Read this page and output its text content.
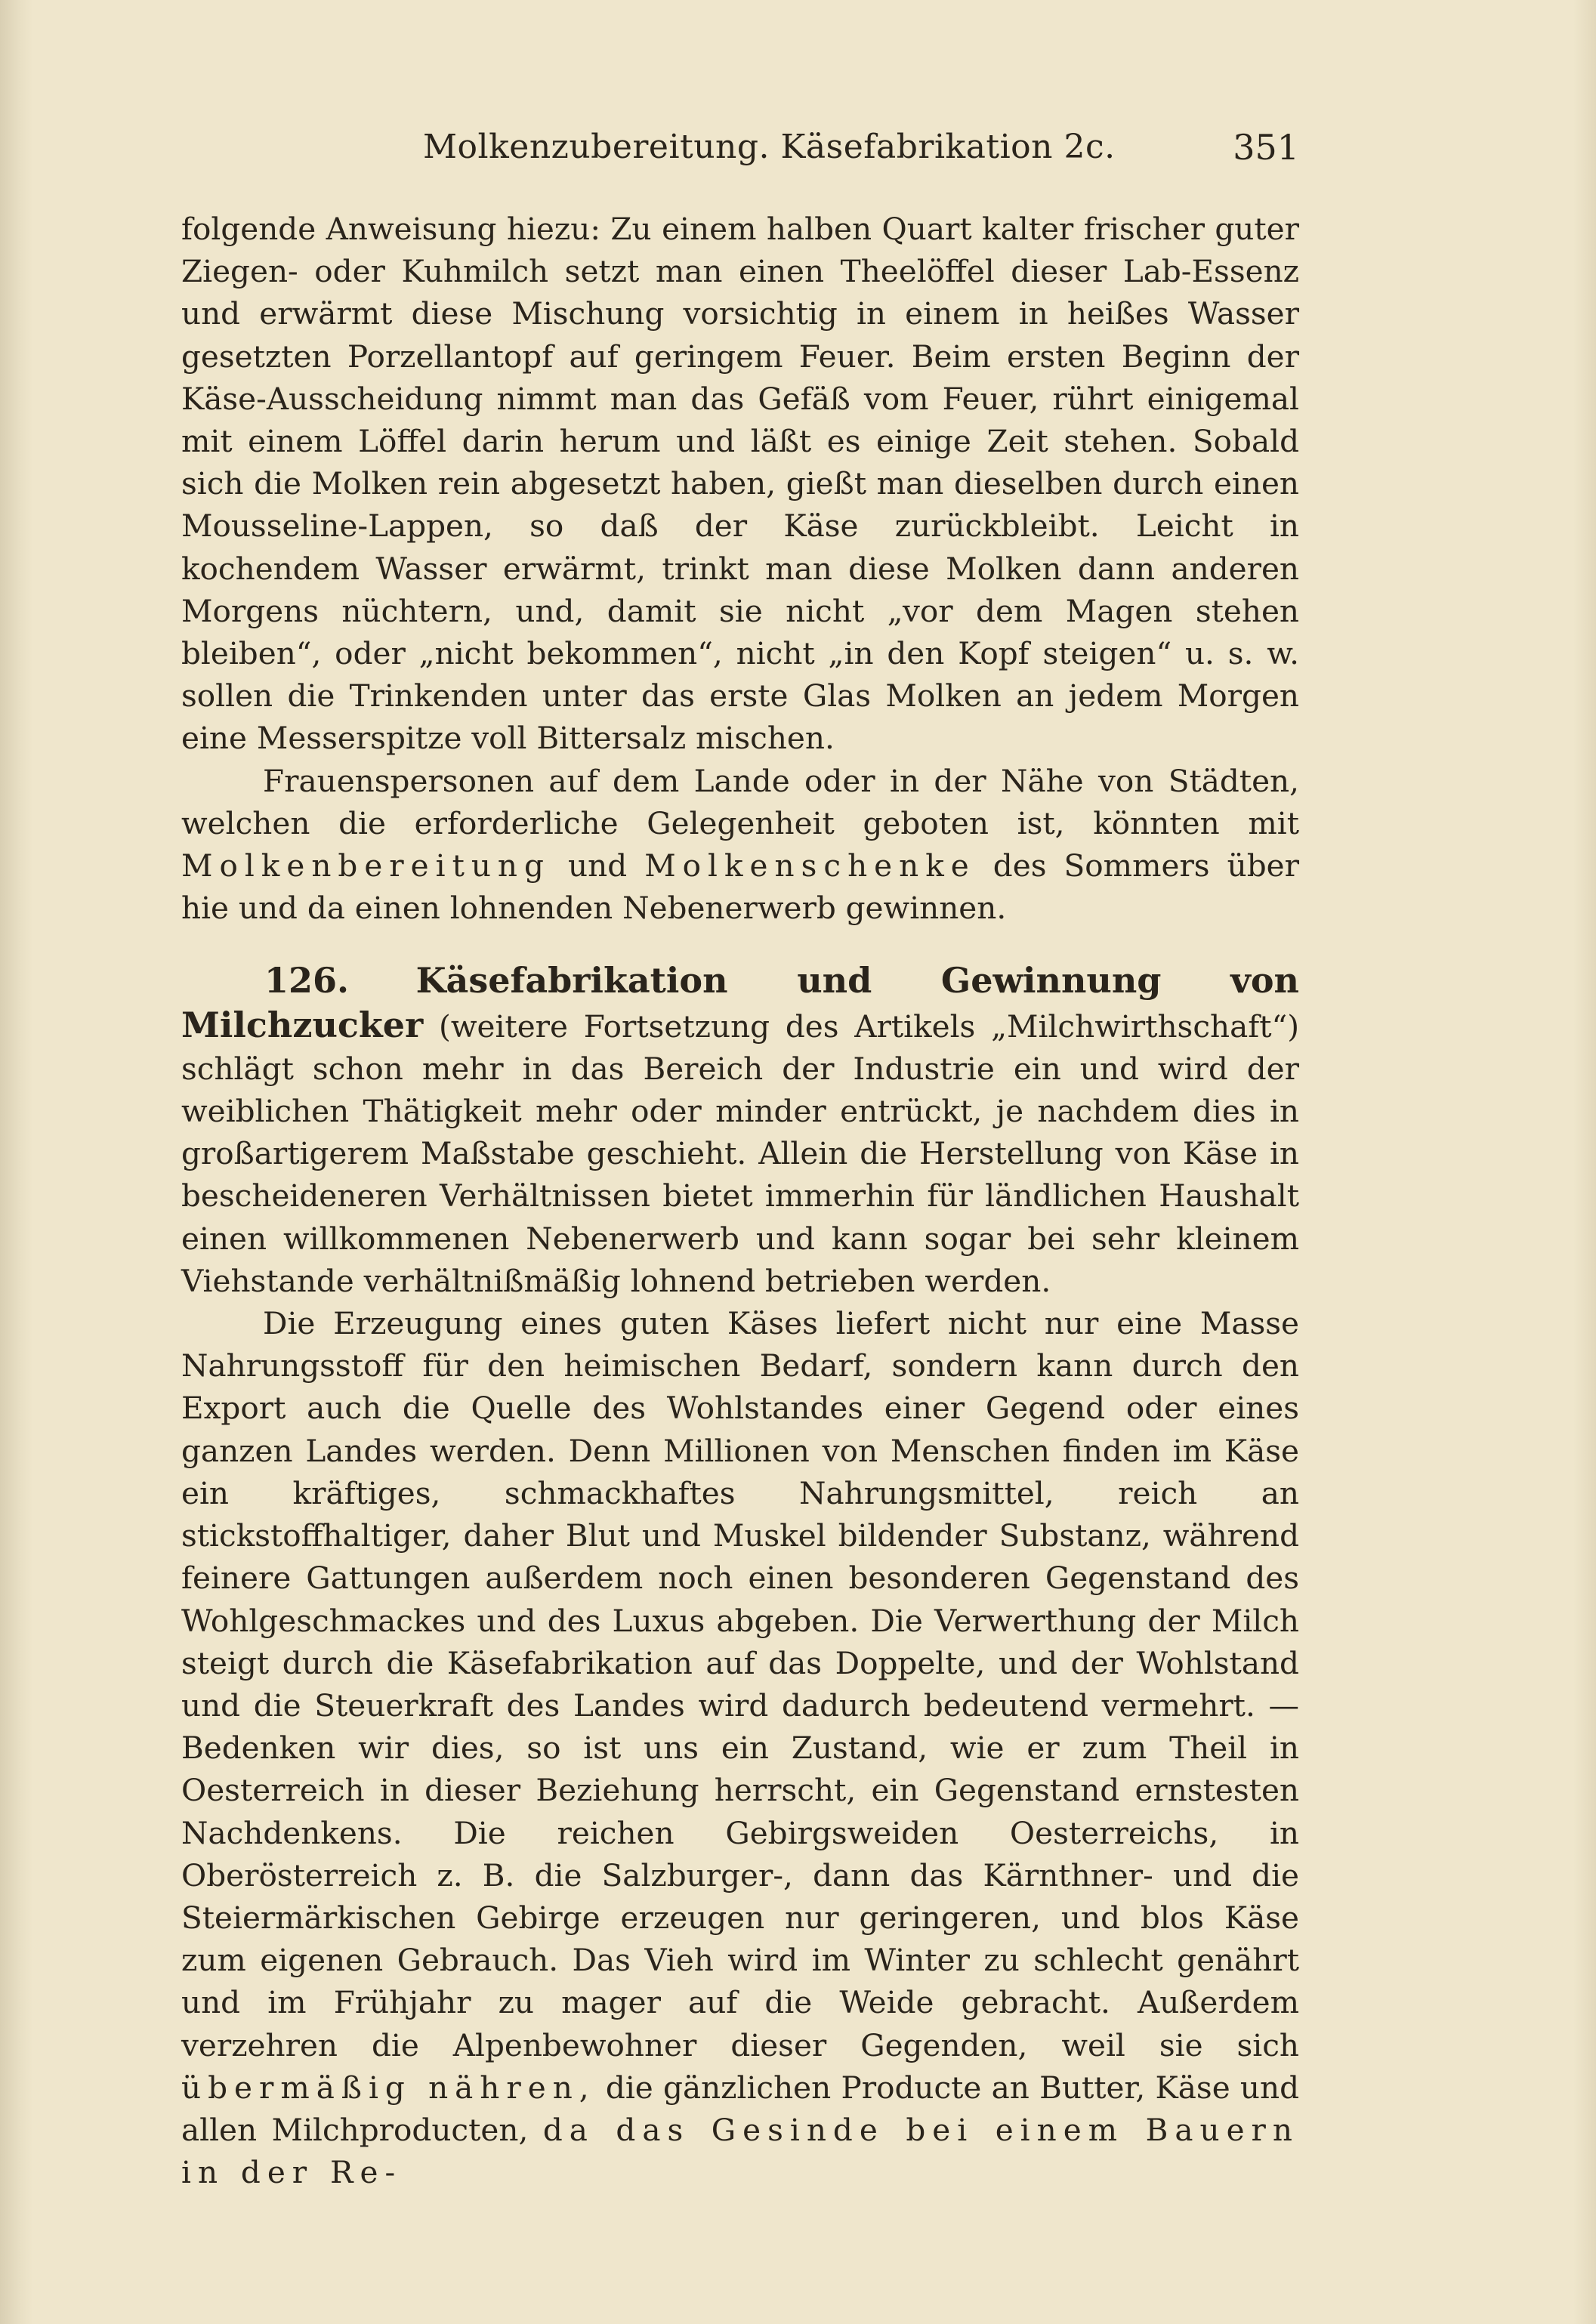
Molkenzubereitung. Käsefabrikation 2c.	351

folgende Anweisung hiezu: Zu einem halben Quart kalter frischer guter Ziegen- oder Kuhmilch setzt man einen Theelöffel dieser Lab-Essenz und erwärmt diese Mischung vorsichtig in einem in heißes Wasser gesetzten Porzellantopf auf geringem Feuer. Beim ersten Beginn der Käse-Ausscheidung nimmt man das Gefäß vom Feuer, rührt einigemal mit einem Löffel darin herum und läßt es einige Zeit stehen. Sobald sich die Molken rein abgesetzt haben, gießt man dieselben durch einen Mousseline-Lappen, so daß der Käse zurückbleibt. Leicht in kochendem Wasser erwärmt, trinkt man diese Molken dann anderen Morgens nüchtern, und, damit sie nicht „vor dem Magen stehen bleiben“, oder „nicht bekommen“, nicht „in den Kopf steigen“ u. s. w. sollen die Trinkenden unter das erste Glas Molken an jedem Morgen eine Messerspitze voll Bittersalz mischen.

Frauenspersonen auf dem Lande oder in der Nähe von Städten, welchen die erforderliche Gelegenheit geboten ist, könnten mit Molkenbereitung und Molkenschenke des Sommers über hie und da einen lohnenden Nebenerwerb gewinnen.

126. Käsefabrikation und Gewinnung von Milchzucker (weitere Fortsetzung des Artikels „Milchwirthschaft“) schlägt schon mehr in das Bereich der Industrie ein und wird der weiblichen Thätigkeit mehr oder minder entrückt, je nachdem dies in großartigerem Maßstabe geschieht. Allein die Herstellung von Käse in bescheideneren Verhältnissen bietet immerhin für ländlichen Haushalt einen willkommenen Nebenerwerb und kann sogar bei sehr kleinem Viehstande verhältnißmäßig lohnend betrieben werden.

Die Erzeugung eines guten Käses liefert nicht nur eine Masse Nahrungsstoff für den heimischen Bedarf, sondern kann durch den Export auch die Quelle des Wohlstandes einer Gegend oder eines ganzen Landes werden. Denn Millionen von Menschen finden im Käse ein kräftiges, schmackhaftes Nahrungsmittel, reich an stickstoffhaltiger, daher Blut und Muskel bildender Substanz, während feinere Gattungen außerdem noch einen besonderen Gegenstand des Wohlgeschmackes und des Luxus abgeben. Die Verwerthung der Milch steigt durch die Käsefabrikation auf das Doppelte, und der Wohlstand und die Steuerkraft des Landes wird dadurch bedeutend vermehrt. — Bedenken wir dies, so ist uns ein Zustand, wie er zum Theil in Oesterreich in dieser Beziehung herrscht, ein Gegenstand ernstesten Nachdenkens. Die reichen Gebirgsweiden Oesterreichs, in Oberösterreich z. B. die Salzburger-, dann das Kärnthner- und die Steiermärkischen Gebirge erzeugen nur geringeren, und blos Käse zum eigenen Gebrauch. Das Vieh wird im Winter zu schlecht genährt und im Frühjahr zu mager auf die Weide gebracht. Außerdem verzehren die Alpenbewohner dieser Gegenden, weil sie sich übermäßig nähren, die gänzlichen Producte an Butter, Käse und allen Milchproducten, da das Gesinde bei einem Bauern in der Re-
